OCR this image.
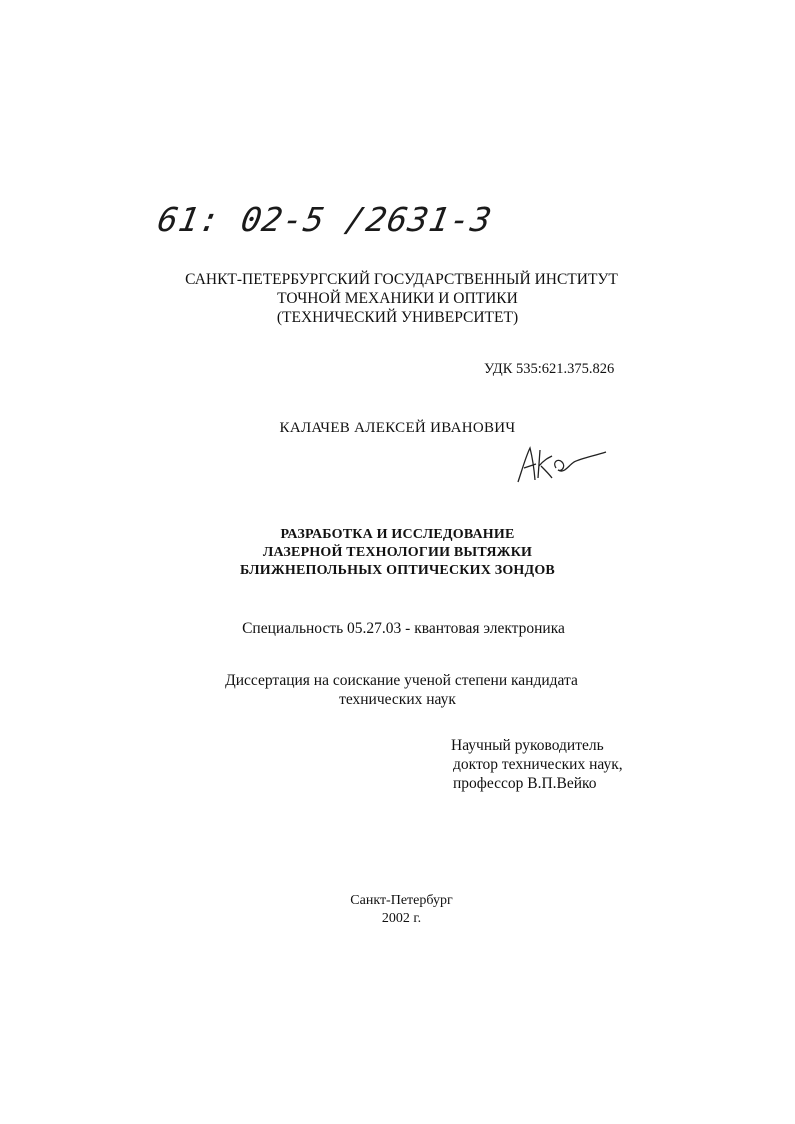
61: 02-5 /2631-3
САНКТ-ПЕТЕРБУРГСКИЙ ГОСУДАРСТВЕННЫЙ ИНСТИТУТ
ТОЧНОЙ МЕХАНИКИ И ОПТИКИ
(ТЕХНИЧЕСКИЙ УНИВЕРСИТЕТ)
УДК 535:621.375.826
КАЛАЧЕВ АЛЕКСЕЙ ИВАНОВИЧ
РАЗРАБОТКА И ИССЛЕДОВАНИЕ
ЛАЗЕРНОЙ ТЕХНОЛОГИИ ВЫТЯЖКИ
БЛИЖНЕПОЛЬНЫХ ОПТИЧЕСКИХ ЗОНДОВ
Специальность 05.27.03 - квантовая электроника
Диссертация на соискание ученой степени кандидата
технических наук
Научный руководитель
доктор технических наук,
профессор В.П.Вейко
Санкт-Петербург
2002 г.
